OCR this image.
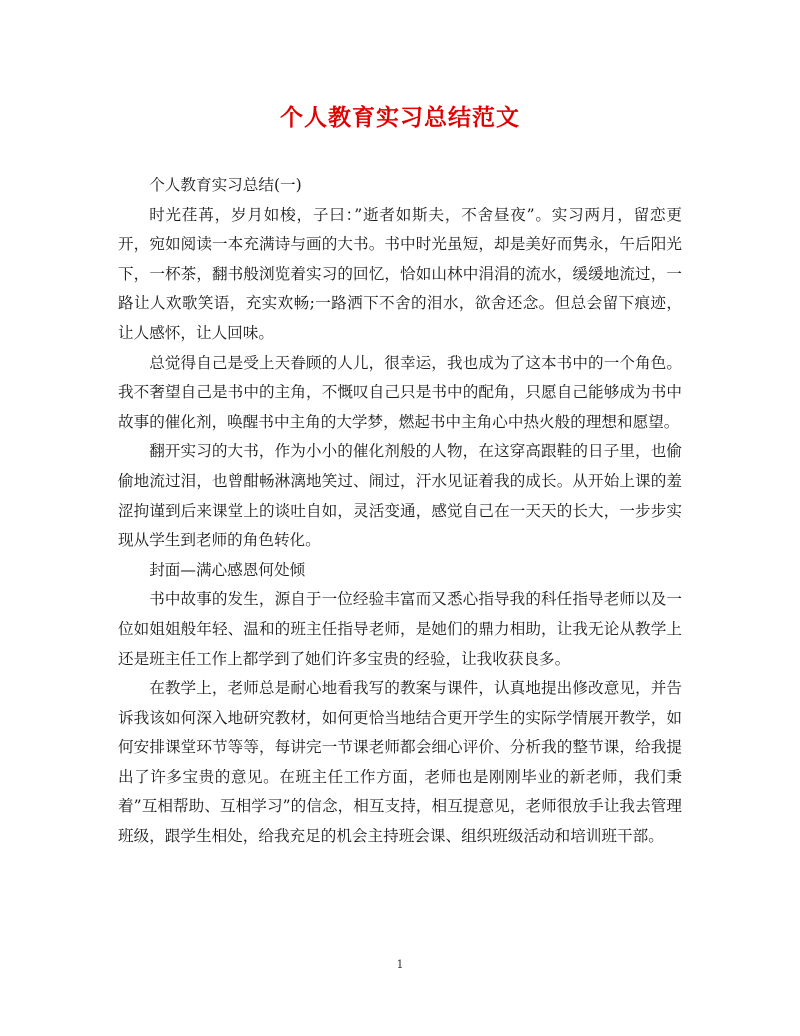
个人教育实习总结范文

个人教育实习总结(一)

时光荏苒，岁月如梭，子曰：”逝者如斯夫，不舍昼夜”。实习两月，留恋更开，宛如阅读一本充满诗与画的大书。书中时光虽短，却是美好而隽永，午后阳光下，一杯茶，翻书般浏览着实习的回忆，恰如山林中涓涓的流水，缓缓地流过，一路让人欢歌笑语，充实欢畅;一路洒下不舍的泪水，欲舍还念。但总会留下痕迹，让人感怀，让人回味。

总觉得自己是受上天眷顾的人儿，很幸运，我也成为了这本书中的一个角色。我不奢望自己是书中的主角，不慨叹自己只是书中的配角，只愿自己能够成为书中故事的催化剂，唤醒书中主角的大学梦，燃起书中主角心中热火般的理想和愿望。

翻开实习的大书，作为小小的催化剂般的人物，在这穿高跟鞋的日子里，也偷偷地流过泪，也曾酣畅淋漓地笑过、闹过，汗水见证着我的成长。从开始上课的羞涩拘谨到后来课堂上的谈吐自如，灵活变通，感觉自己在一天天的长大，一步步实现从学生到老师的角色转化。

封面—满心感恩何处倾

书中故事的发生，源自于一位经验丰富而又悉心指导我的科任指导老师以及一位如姐姐般年轻、温和的班主任指导老师，是她们的鼎力相助，让我无论从教学上还是班主任工作上都学到了她们许多宝贵的经验，让我收获良多。

在教学上，老师总是耐心地看我写的教案与课件，认真地提出修改意见，并告诉我该如何深入地研究教材，如何更恰当地结合更开学生的实际学情展开教学，如何安排课堂环节等等，每讲完一节课老师都会细心评价、分析我的整节课，给我提出了许多宝贵的意见。在班主任工作方面，老师也是刚刚毕业的新老师，我们秉着”互相帮助、互相学习”的信念，相互支持，相互提意见，老师很放手让我去管理班级，跟学生相处，给我充足的机会主持班会课、组织班级活动和培训班干部。

1
